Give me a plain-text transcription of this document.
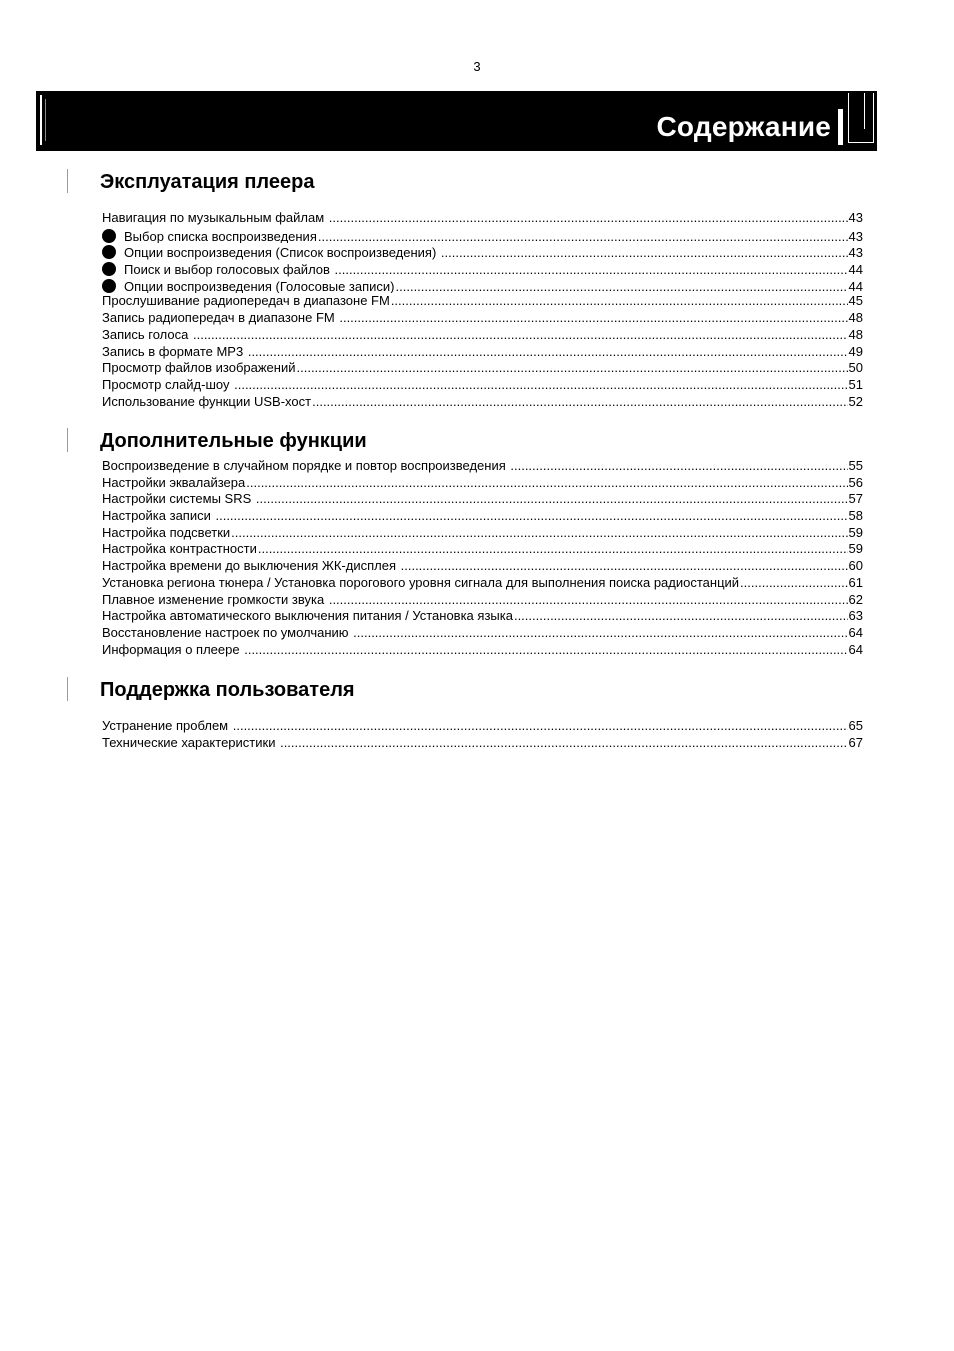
3
Содержание
Эксплуатация плеера
Навигация по музыкальным файлам .....	43
Выбор списка воспроизведения .....	43
Опции воспроизведения (Список воспроизведения) .....	43
Поиск и выбор голосовых файлов .....	44
Опции воспроизведения (Голосовые записи) .....	44
Прослушивание радиопередач в диапазоне FM .....	45
Запись радиопередач в диапазоне FM .....	48
Запись голоса .....	48
Запись в формате MP3 .....	49
Просмотр файлов изображений .....	50
Просмотр слайд-шоу .....	51
Использование функции USB-хост .....	52
Дополнительные функции
Воспроизведение в случайном порядке и повтор воспроизведения .....	55
Настройки эквалайзера .....	56
Настройки системы SRS .....	57
Настройка записи .....	58
Настройка подсветки .....	59
Настройка контрастности .....	59
Настройка времени до выключения ЖК-дисплея .....	60
Установка региона тюнера / Установка порогового уровня сигнала для выполнения поиска радиостанций .....	61
Плавное изменение громкости звука .....	62
Настройка автоматического выключения питания / Установка языка .....	63
Восстановление настроек по умолчанию .....	64
Информация о плеере .....	64
Поддержка пользователя
Устранение проблем .....	65
Технические характеристики .....	67
